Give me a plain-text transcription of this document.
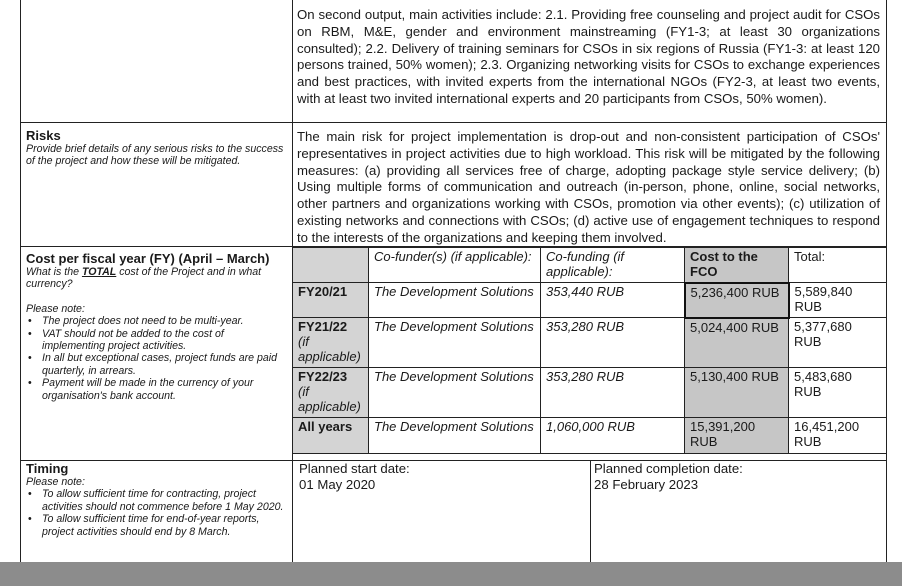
On second output, main activities include: 2.1. Providing free counseling and project audit for CSOs on RBM, M&E, gender and environment mainstreaming (FY1-3; at least 30 organizations consulted); 2.2. Delivery of training seminars for CSOs in six regions of Russia (FY1-3: at least 120 persons trained, 50% women); 2.3. Organizing networking visits for CSOs to exchange experiences and best practices, with invited experts from the international NGOs (FY2-3, at least two events, with at least two invited international experts and 20 participants from CSOs, 50% women).
Risks
Provide brief details of any serious risks to the success of the project and how these will be mitigated.
The main risk for project implementation is drop-out and non-consistent participation of CSOs' representatives in project activities due to high workload. This risk will be mitigated by the following measures: (a) providing all services free of charge, adopting package style service delivery; (b) Using multiple forms of communication and outreach (in-person, phone, online, social networks, other partners and organizations working with CSOs, promotion via other events); (c) utilization of existing networks and connections with CSOs; (d) active use of engagement techniques to respond to the interests of the organizations and keeping them involved.
Cost per fiscal year (FY) (April – March)
What is the TOTAL cost of the Project and in what currency?
Please note:
• The project does not need to be multi-year.
• VAT should not be added to the cost of implementing project activities.
• In all but exceptional cases, project funds are paid quarterly, in arrears.
• Payment will be made in the currency of your organisation's bank account.
	Co-funder(s) (if applicable):	Co-funding (if applicable):	Cost to the FCO	Total:
FY20/21	The Development Solutions	353,440 RUB	5,236,400 RUB	5,589,840 RUB
FY21/22
(if applicable)	The Development Solutions	353,280 RUB	5,024,400 RUB	5,377,680 RUB
FY22/23
(if applicable)	The Development Solutions	353,280 RUB	5,130,400 RUB	5,483,680 RUB
All years	The Development Solutions	1,060,000 RUB	15,391,200 RUB	16,451,200 RUB
Timing
Please note:
• To allow sufficient time for contracting, project activities should not commence before 1 May 2020.
• To allow sufficient time for end-of-year reports, project activities should end by 8 March.
Planned start date:
01 May 2020
Planned completion date:
28 February 2023
